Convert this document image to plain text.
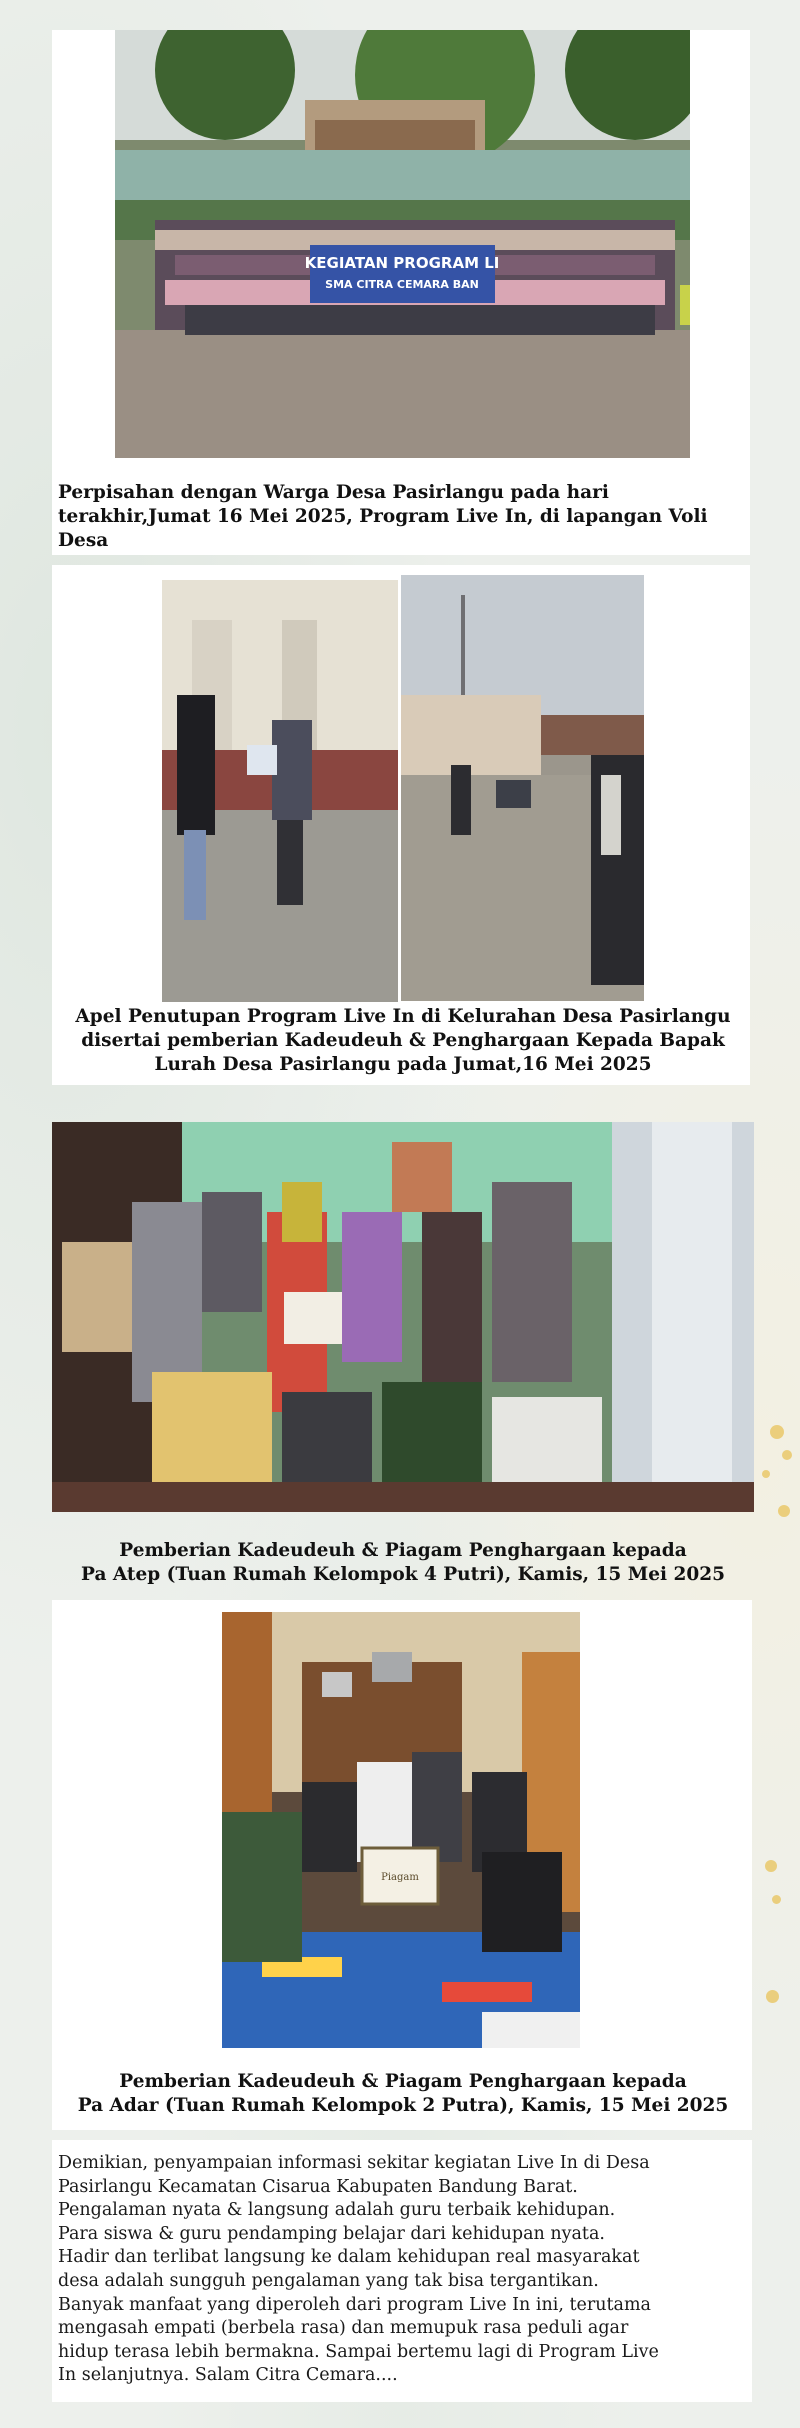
KEGIATAN PROGRAM LI
SMA CITRA CEMARA BAN
Perpisahan dengan Warga Desa Pasirlangu pada hari
terakhir,Jumat 16 Mei 2025, Program Live In, di lapangan Voli
Desa
Apel Penutupan Program Live In di Kelurahan Desa Pasirlangu
disertai pemberian Kadeudeuh & Penghargaan Kepada Bapak
Lurah Desa Pasirlangu pada Jumat,16 Mei 2025
Pemberian Kadeudeuh & Piagam Penghargaan kepada
Pa Atep (Tuan Rumah Kelompok 4 Putri), Kamis, 15 Mei 2025
Piagam
Pemberian Kadeudeuh & Piagam Penghargaan kepada
Pa Adar (Tuan Rumah Kelompok 2 Putra), Kamis, 15 Mei 2025
Demikian, penyampaian informasi sekitar kegiatan Live In di Desa
Pasirlangu Kecamatan Cisarua Kabupaten Bandung Barat.
Pengalaman nyata & langsung adalah guru terbaik kehidupan.
Para siswa & guru pendamping belajar dari kehidupan nyata.
Hadir dan terlibat langsung ke dalam kehidupan real masyarakat
desa adalah sungguh pengalaman yang tak bisa tergantikan.
Banyak manfaat yang diperoleh dari program Live In ini, terutama
mengasah empati (berbela rasa) dan memupuk rasa peduli agar
hidup terasa lebih bermakna. Sampai bertemu lagi di Program Live
In selanjutnya. Salam Citra Cemara....
